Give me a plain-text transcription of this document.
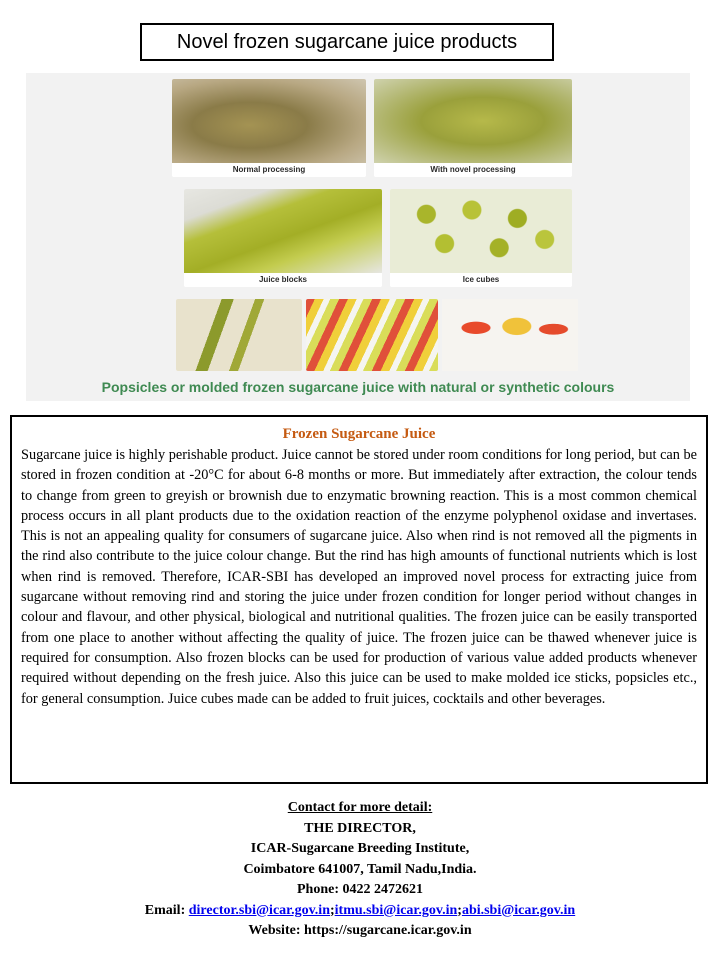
Novel frozen sugarcane juice products
Normal processing	With novel processing
Juice blocks	Ice cubes
Popsicles or molded frozen sugarcane juice with natural or synthetic colours
Frozen Sugarcane Juice

Sugarcane juice is highly perishable product. Juice cannot be stored under room conditions for long period, but can be stored in frozen condition at -20°C for about 6-8 months or more. But immediately after extraction, the colour tends to change from green to greyish or brownish due to enzymatic browning reaction. This is a most common chemical process occurs in all plant products due to the oxidation reaction of the enzyme polyphenol oxidase and invertases. This is not an appealing quality for consumers of sugarcane juice. Also when rind is not removed all the pigments in the rind also contribute to the juice colour change. But the rind has high amounts of functional nutrients which is lost when rind is removed. Therefore, ICAR-SBI has developed an improved novel process for extracting juice from sugarcane without removing rind and storing the juice under frozen condition for longer period without changes in colour and flavour, and other physical, biological and nutritional qualities. The frozen juice can be easily transported from one place to another without affecting the quality of juice. The frozen juice can be thawed whenever juice is required for consumption. Also frozen blocks can be used for production of various value added products whenever required without depending on the fresh juice. Also this juice can be used to make molded ice sticks, popsicles etc., for general consumption. Juice cubes made can be added to fruit juices, cocktails and other beverages.

Contact for more detail:
THE DIRECTOR,
ICAR-Sugarcane Breeding Institute,
Coimbatore 641007, Tamil Nadu,India.
Phone: 0422 2472621
Email: director.sbi@icar.gov.in;itmu.sbi@icar.gov.in;abi.sbi@icar.gov.in
Website: https://sugarcane.icar.gov.in
